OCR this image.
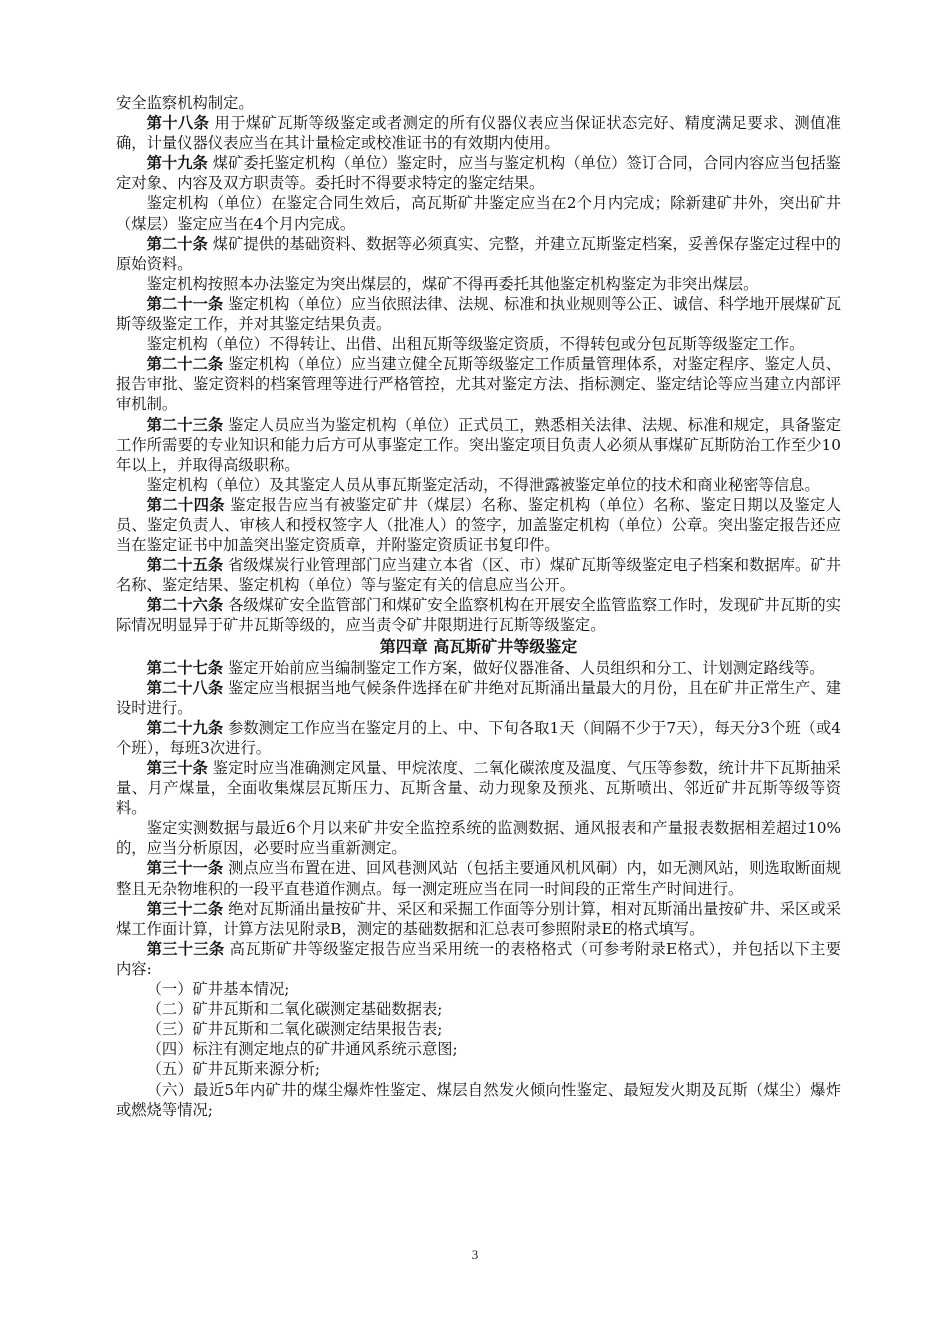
安全监察机构制定。

第十八条 用于煤矿瓦斯等级鉴定或者测定的所有仪器仪表应当保证状态完好、精度满足要求、测值准确，计量仪器仪表应当在其计量检定或校准证书的有效期内使用。

第十九条 煤矿委托鉴定机构（单位）鉴定时，应当与鉴定机构（单位）签订合同，合同内容应当包括鉴定对象、内容及双方职责等。委托时不得要求特定的鉴定结果。

鉴定机构（单位）在鉴定合同生效后，高瓦斯矿井鉴定应当在2个月内完成；除新建矿井外，突出矿井（煤层）鉴定应当在4个月内完成。

第二十条 煤矿提供的基础资料、数据等必须真实、完整，并建立瓦斯鉴定档案，妥善保存鉴定过程中的原始资料。

鉴定机构按照本办法鉴定为突出煤层的，煤矿不得再委托其他鉴定机构鉴定为非突出煤层。

第二十一条 鉴定机构（单位）应当依照法律、法规、标准和执业规则等公正、诚信、科学地开展煤矿瓦斯等级鉴定工作，并对其鉴定结果负责。

鉴定机构（单位）不得转让、出借、出租瓦斯等级鉴定资质，不得转包或分包瓦斯等级鉴定工作。

第二十二条 鉴定机构（单位）应当建立健全瓦斯等级鉴定工作质量管理体系，对鉴定程序、鉴定人员、报告审批、鉴定资料的档案管理等进行严格管控，尤其对鉴定方法、指标测定、鉴定结论等应当建立内部评审机制。

第二十三条 鉴定人员应当为鉴定机构（单位）正式员工，熟悉相关法律、法规、标准和规定，具备鉴定工作所需要的专业知识和能力后方可从事鉴定工作。突出鉴定项目负责人必须从事煤矿瓦斯防治工作至少10年以上，并取得高级职称。

鉴定机构（单位）及其鉴定人员从事瓦斯鉴定活动，不得泄露被鉴定单位的技术和商业秘密等信息。

第二十四条 鉴定报告应当有被鉴定矿井（煤层）名称、鉴定机构（单位）名称、鉴定日期以及鉴定人员、鉴定负责人、审核人和授权签字人（批准人）的签字，加盖鉴定机构（单位）公章。突出鉴定报告还应当在鉴定证书中加盖突出鉴定资质章，并附鉴定资质证书复印件。

第二十五条 省级煤炭行业管理部门应当建立本省（区、市）煤矿瓦斯等级鉴定电子档案和数据库。矿井名称、鉴定结果、鉴定机构（单位）等与鉴定有关的信息应当公开。

第二十六条 各级煤矿安全监管部门和煤矿安全监察机构在开展安全监管监察工作时，发现矿井瓦斯的实际情况明显异于矿井瓦斯等级的，应当责令矿井限期进行瓦斯等级鉴定。

第四章 高瓦斯矿井等级鉴定

第二十七条 鉴定开始前应当编制鉴定工作方案，做好仪器准备、人员组织和分工、计划测定路线等。

第二十八条 鉴定应当根据当地气候条件选择在矿井绝对瓦斯涌出量最大的月份，且在矿井正常生产、建设时进行。

第二十九条 参数测定工作应当在鉴定月的上、中、下旬各取1天（间隔不少于7天），每天分3个班（或4个班），每班3次进行。

第三十条 鉴定时应当准确测定风量、甲烷浓度、二氧化碳浓度及温度、气压等参数，统计井下瓦斯抽采量、月产煤量，全面收集煤层瓦斯压力、瓦斯含量、动力现象及预兆、瓦斯喷出、邻近矿井瓦斯等级等资料。

鉴定实测数据与最近6个月以来矿井安全监控系统的监测数据、通风报表和产量报表数据相差超过10%的，应当分析原因，必要时应当重新测定。

第三十一条 测点应当布置在进、回风巷测风站（包括主要通风机风硐）内，如无测风站，则选取断面规整且无杂物堆积的一段平直巷道作测点。每一测定班应当在同一时间段的正常生产时间进行。

第三十二条 绝对瓦斯涌出量按矿井、采区和采掘工作面等分别计算，相对瓦斯涌出量按矿井、采区或采煤工作面计算，计算方法见附录B，测定的基础数据和汇总表可参照附录E的格式填写。

第三十三条 高瓦斯矿井等级鉴定报告应当采用统一的表格格式（可参考附录E格式），并包括以下主要内容:

（一）矿井基本情况;

（二）矿井瓦斯和二氧化碳测定基础数据表;

（三）矿井瓦斯和二氧化碳测定结果报告表;

（四）标注有测定地点的矿井通风系统示意图;

（五）矿井瓦斯来源分析;

（六）最近5年内矿井的煤尘爆炸性鉴定、煤层自然发火倾向性鉴定、最短发火期及瓦斯（煤尘）爆炸或燃烧等情况;

3
